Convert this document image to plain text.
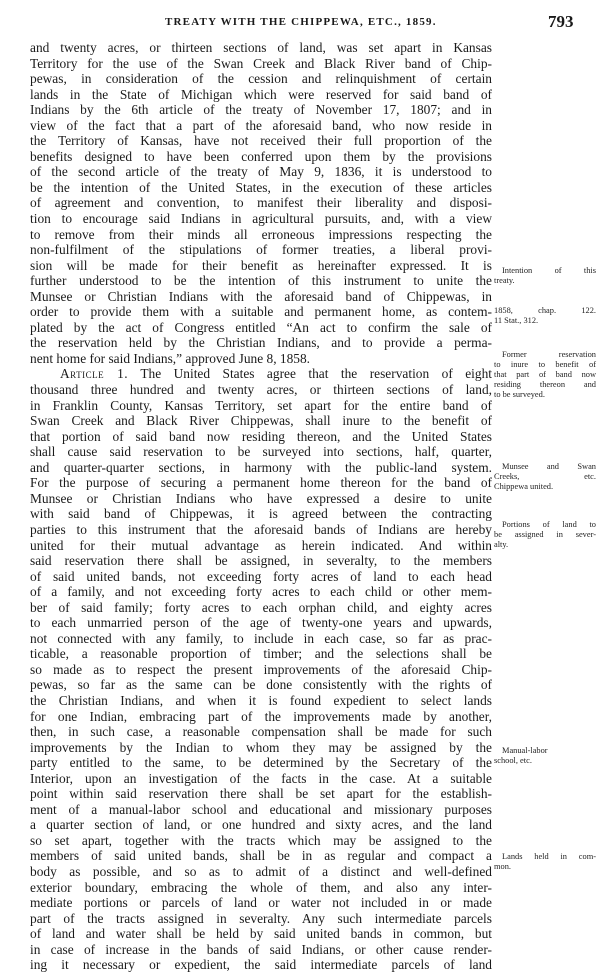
TREATY WITH THE CHIPPEWA, ETC., 1859.	793
and twenty acres, or thirteen sections of land, was set apart in Kansas
Territory for the use of the Swan Creek and Black River band of Chip-
pewas, in consideration of the cession and relinquishment of certain
lands in the State of Michigan which were reserved for said band of
Indians by the 6th article of the treaty of November 17, 1807; and in
view of the fact that a part of the aforesaid band, who now reside in
the Territory of Kansas, have not received their full proportion of the
benefits designed to have been conferred upon them by the provisions
of the second article of the treaty of May 9, 1836, it is understood to
be the intention of the United States, in the execution of these articles
of agreement and convention, to manifest their liberality and disposi-
tion to encourage said Indians in agricultural pursuits, and, with a view
to remove from their minds all erroneous impressions respecting the
non-fulfilment of the stipulations of former treaties, a liberal provi-
sion will be made for their benefit as hereinafter expressed. It is
further understood to be the intention of this instrument to unite the
Munsee or Christian Indians with the aforesaid band of Chippewas, in
order to provide them with a suitable and permanent home, as contem-
plated by the act of Congress entitled “An act to confirm the sale of
the reservation held by the Christian Indians, and to provide a perma-
nent home for said Indians,” approved June 8, 1858.
Article 1. The United States agree that the reservation of eight
thousand three hundred and twenty acres, or thirteen sections of land,
in Franklin County, Kansas Territory, set apart for the entire band of
Swan Creek and Black River Chippewas, shall inure to the benefit of
that portion of said band now residing thereon, and the United States
shall cause said reservation to be surveyed into sections, half, quarter,
and quarter-quarter sections, in harmony with the public-land system.
For the purpose of securing a permanent home thereon for the band of
Munsee or Christian Indians who have expressed a desire to unite
with said band of Chippewas, it is agreed between the contracting
parties to this instrument that the aforesaid bands of Indians are hereby
united for their mutual advantage as herein indicated. And within
said reservation there shall be assigned, in severalty, to the members
of said united bands, not exceeding forty acres of land to each head
of a family, and not exceeding forty acres to each child or other mem-
ber of said family; forty acres to each orphan child, and eighty acres
to each unmarried person of the age of twenty-one years and upwards,
not connected with any family, to include in each case, so far as prac-
ticable, a reasonable proportion of timber; and the selections shall be
so made as to respect the present improvements of the aforesaid Chip-
pewas, so far as the same can be done consistently with the rights of
the Christian Indians, and when it is found expedient to select lands
for one Indian, embracing part of the improvements made by another,
then, in such case, a reasonable compensation shall be made for such
improvements by the Indian to whom they may be assigned by the
party entitled to the same, to be determined by the Secretary of the
Interior, upon an investigation of the facts in the case. At a suitable
point within said reservation there shall be set apart for the establish-
ment of a manual-labor school and educational and missionary purposes
a quarter section of land, or one hundred and sixty acres, and the land
so set apart, together with the tracts which may be assigned to the
members of said united bands, shall be in as regular and compact a
body as possible, and so as to admit of a distinct and well-defined
exterior boundary, embracing the whole of them, and also any inter-
mediate portions or parcels of land or water not included in or made
part of the tracts assigned in severalty. Any such intermediate parcels
of land and water shall be held by said united bands in common, but
in case of increase in the bands of said Indians, or other cause render-
ing it necessary or expedient, the said intermediate parcels of land
Intention of this
treaty.
1858, chap. 122.
11 Stat., 312.
Former reservation
to inure to benefit of
that part of band now
residing thereon and
to be surveyed.
Munsee and Swan
Creeks, etc.
Chippewa united.
Portions of land to
be assigned in sever-
alty.
Manual-labor
school, etc.
Lands held in com-
mon.
